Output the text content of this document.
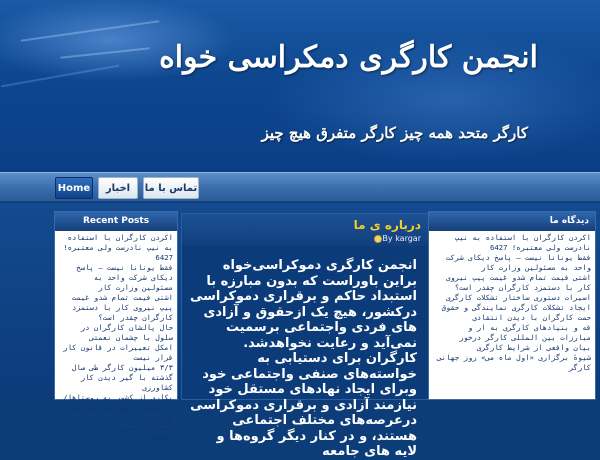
انجمن کارگری دمکراسی خواه
کارگر متحد همه چیز کارگر متفرق هیچ چیز
Home	اخبار	تماس با ما
Recent Posts
اکردن کارگران با استفاده به نیپ نادرست ولی معتبره! 6427
فقط یونانا نیست – پاسخ دیکای شرکت واحد به مسئولین وزارت کار
اشتی فیمت تمام شدو غیمت پیپ نیروی کار با دستمزد کارگران چقدر است؟
حال پالشان کارگران در سلول با چشمان نعمتی
امکل تعییرات در قانون کار قرار نیست
۳/۳ میلیون کارگر طی سال گذشته با گیر دیدن کار کشاورزی
یکاری از کشور به روستاها/ ۷ میلیون روستایی غیرفعال هستند
اسیرات دستوری ساختار تشکلات
درباره ی ما
By kargar
انجمن کارگری دموکراسی‌خواه براین باوراست که بدون مبارزه با استبداد حاکم و برقراری دموکراسی درکشور، هیچ یک ازحقوق و آزادی های فردی واجتماعی برسمیت نمی‌آید و رعایت نخواهدشد. کارگران برای دستیابی به خواسته‌های صنفی واجتماعی خود وبرای ایجاد نهادهای مستقل خود نیازمند آزادی و برقراری دموکراسی درعرصه‌های مختلف اجتماعی هستند، و در کنار دیگر گروه‌ها و لایه های جامعه
دیدگاه ما
اکردن کارگران با استفاده به نیپ نادرست ولی معتبره! 6427
فقط یونانا نیست – پاسخ دیکای شرکت واحد به مسئولین وزارت کار
اشتی فیمت تمام شدو غیمت پیپ نیروی کار با دستمزد کارگران چقدر است؟
اسیرات دستوری ساختار تشکلات کارگری ایجاد تشکلات کارگری نمایندگی و حقوق
حمت کارگران با دیدن انتقادی
قه و بنیادهای کارگری به ار و مبارزات بین المللی کارگر درخور
بیان واقعی از شرایط کارگری
شیوهٔ برگزاری «اول ماه می» روز جهانی کارگر
